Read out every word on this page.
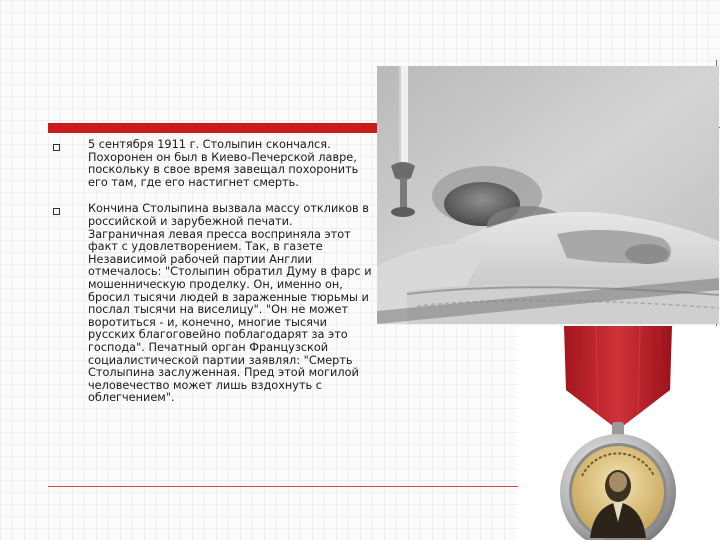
5 сентября 1911 г. Столыпин скончался. Похоронен он был в Киево-Печерской лавре, поскольку в свое время завещал похоронить его там, где его настигнет смерть.
Кончина Столыпина вызвала массу откликов в российской и зарубежной печати. Заграничная левая пресса восприняла этот факт с удовлетворением. Так, в газете Независимой рабочей партии Англии отмечалось: "Столыпин обратил Думу в фарс и мошенническую проделку. Он, именно он, бросил тысячи людей в зараженные тюрьмы и послал тысячи на виселицу". "Он не может воротиться - и, конечно, многие тысячи русских благоговейно поблагодарят за это господа". Печатный орган Французской социалистической партии заявлял: "Смерть Столыпина заслуженная. Пред этой могилой человечество может лишь вздохнуть с облегчением".
